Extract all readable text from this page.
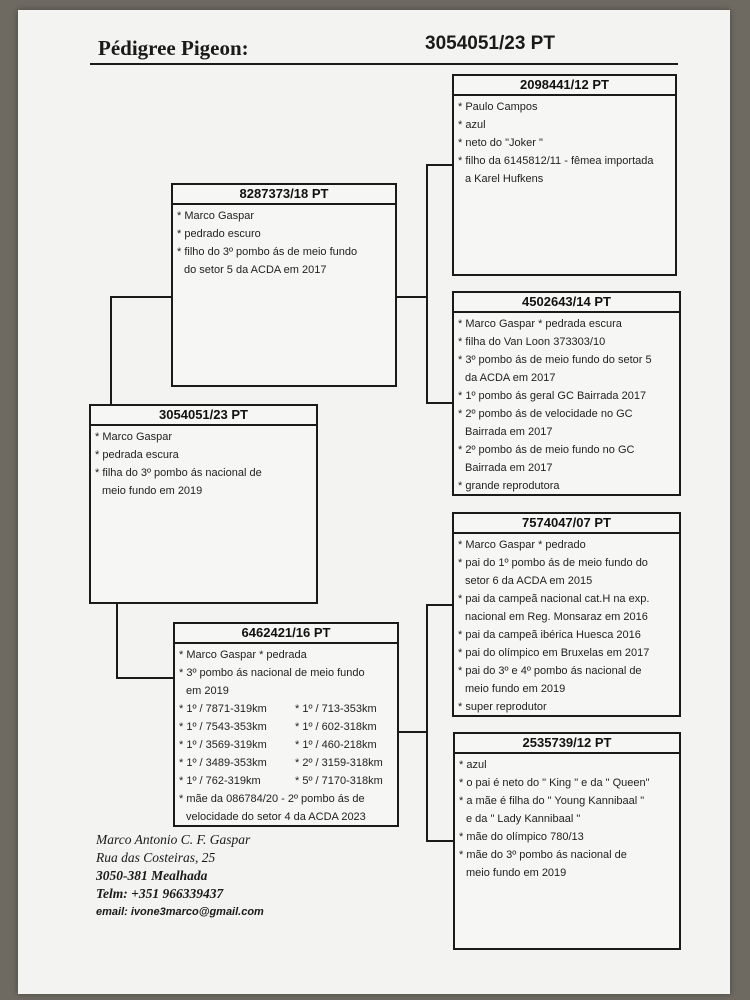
Pédigree Pigeon:	3054051/23 PT
8287373/18 PT
* Marco Gaspar
* pedrado escuro
* filho do 3º pombo ás de meio fundo
do setor 5 da ACDA em 2017
3054051/23 PT
* Marco Gaspar
* pedrada escura
* filha do 3º pombo ás nacional de
meio fundo em 2019
6462421/16 PT
* Marco Gaspar * pedrada
* 3º pombo ás nacional de meio fundo
em 2019
* 1º / 7871-319km	* 1º / 713-353km
* 1º / 7543-353km	* 1º / 602-318km
* 1º / 3569-319km	* 1º / 460-218km
* 1º / 3489-353km	* 2º / 3159-318km
* 1º / 762-319km	* 5º / 7170-318km
* mãe da 086784/20 - 2º pombo ás de
velocidade do setor 4 da ACDA 2023
2098441/12 PT
* Paulo Campos
* azul
* neto do "Joker "
* filho da 6145812/11 - fêmea importada
a Karel Hufkens
4502643/14 PT
* Marco Gaspar * pedrada escura
* filha do Van Loon 373303/10
* 3º pombo ás de meio fundo do setor 5
da ACDA em 2017
* 1º pombo ás geral GC Bairrada 2017
* 2º pombo ás de velocidade no GC
Bairrada em 2017
* 2º pombo ás de meio fundo no GC
Bairrada em 2017
* grande reprodutora
7574047/07 PT
* Marco Gaspar * pedrado
* pai do 1º pombo ás de meio fundo do
setor 6 da ACDA em 2015
* pai da campeã nacional cat.H na exp.
nacional em Reg. Monsaraz em 2016
* pai da campeã ibérica Huesca 2016
* pai do olímpico em Bruxelas em 2017
* pai do 3º e 4º pombo ás nacional de
meio fundo em 2019
* super reprodutor
2535739/12 PT
* azul
* o pai é neto do " King " e da " Queen"
* a mãe é filha do " Young Kannibaal "
e da " Lady Kannibaal "
* mãe do olímpico 780/13
* mãe do 3º pombo ás nacional de
meio fundo em 2019
Marco Antonio C. F. Gaspar
Rua das Costeiras, 25
3050-381 Mealhada
Telm: +351 966339437
email: ivone3marco@gmail.com
